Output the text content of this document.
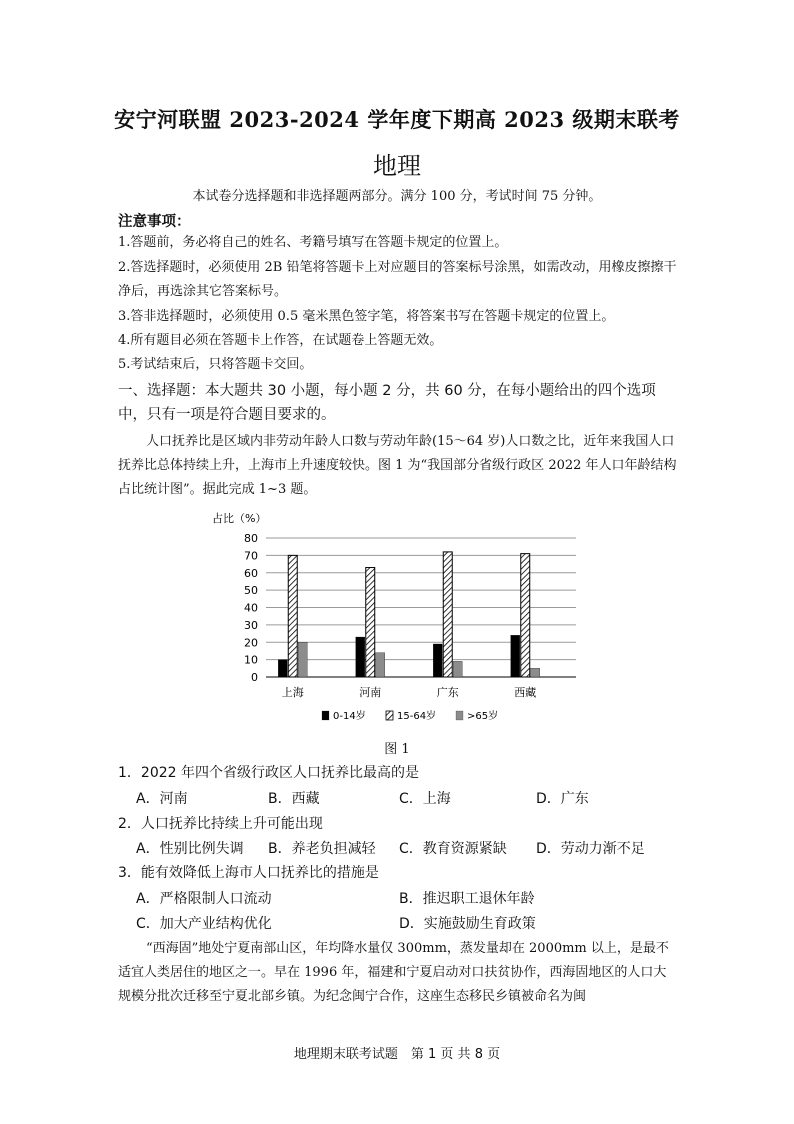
安宁河联盟 2023-2024 学年度下期高 2023 级期末联考
地理
本试卷分选择题和非选择题两部分。满分 100 分，考试时间 75 分钟。
注意事项：
1.答题前，务必将自己的姓名、考籍号填写在答题卡规定的位置上。
2.答选择题时，必须使用 2B 铅笔将答题卡上对应题目的答案标号涂黑，如需改动，用橡皮擦擦干净后，再选涂其它答案标号。
3.答非选择题时，必须使用 0.5 毫米黑色签字笔，将答案书写在答题卡规定的位置上。
4.所有题目必须在答题卡上作答，在试题卷上答题无效。
5.考试结束后，只将答题卡交回。
一、选择题：本大题共 30 小题，每小题 2 分，共 60 分，在每小题给出的四个选项中，只有一项是符合题目要求的。
人口抚养比是区域内非劳动年龄人口数与劳动年龄(15～64 岁)人口数之比，近年来我国人口抚养比总体持续上升，上海市上升速度较快。图 1 为“我国部分省级行政区 2022 年人口年龄结构占比统计图”。据此完成 1~3 题。
占比（%）
0
10
20
30
40
50
60
70
80
上海	河南	广东	西藏
0-14岁	15-64岁	>65岁
图 1
1．2022 年四个省级行政区人口抚养比最高的是
A．河南	B．西藏	C．上海	D．广东
2．人口抚养比持续上升可能出现
A．性别比例失调 B．养老负担减轻 C．教育资源紧缺 D．劳动力渐不足
3．能有效降低上海市人口抚养比的措施是
A．严格限制人口流动	B．推迟职工退休年龄
C．加大产业结构优化	D．实施鼓励生育政策
“西海固”地处宁夏南部山区，年均降水量仅 300mm，蒸发量却在 2000mm 以上，是最不适宜人类居住的地区之一。早在 1996 年，福建和宁夏启动对口扶贫协作，西海固地区的人口大规模分批次迁移至宁夏北部乡镇。为纪念闽宁合作，这座生态移民乡镇被命名为闽
地理期末联考试题　第 1 页 共 8 页
